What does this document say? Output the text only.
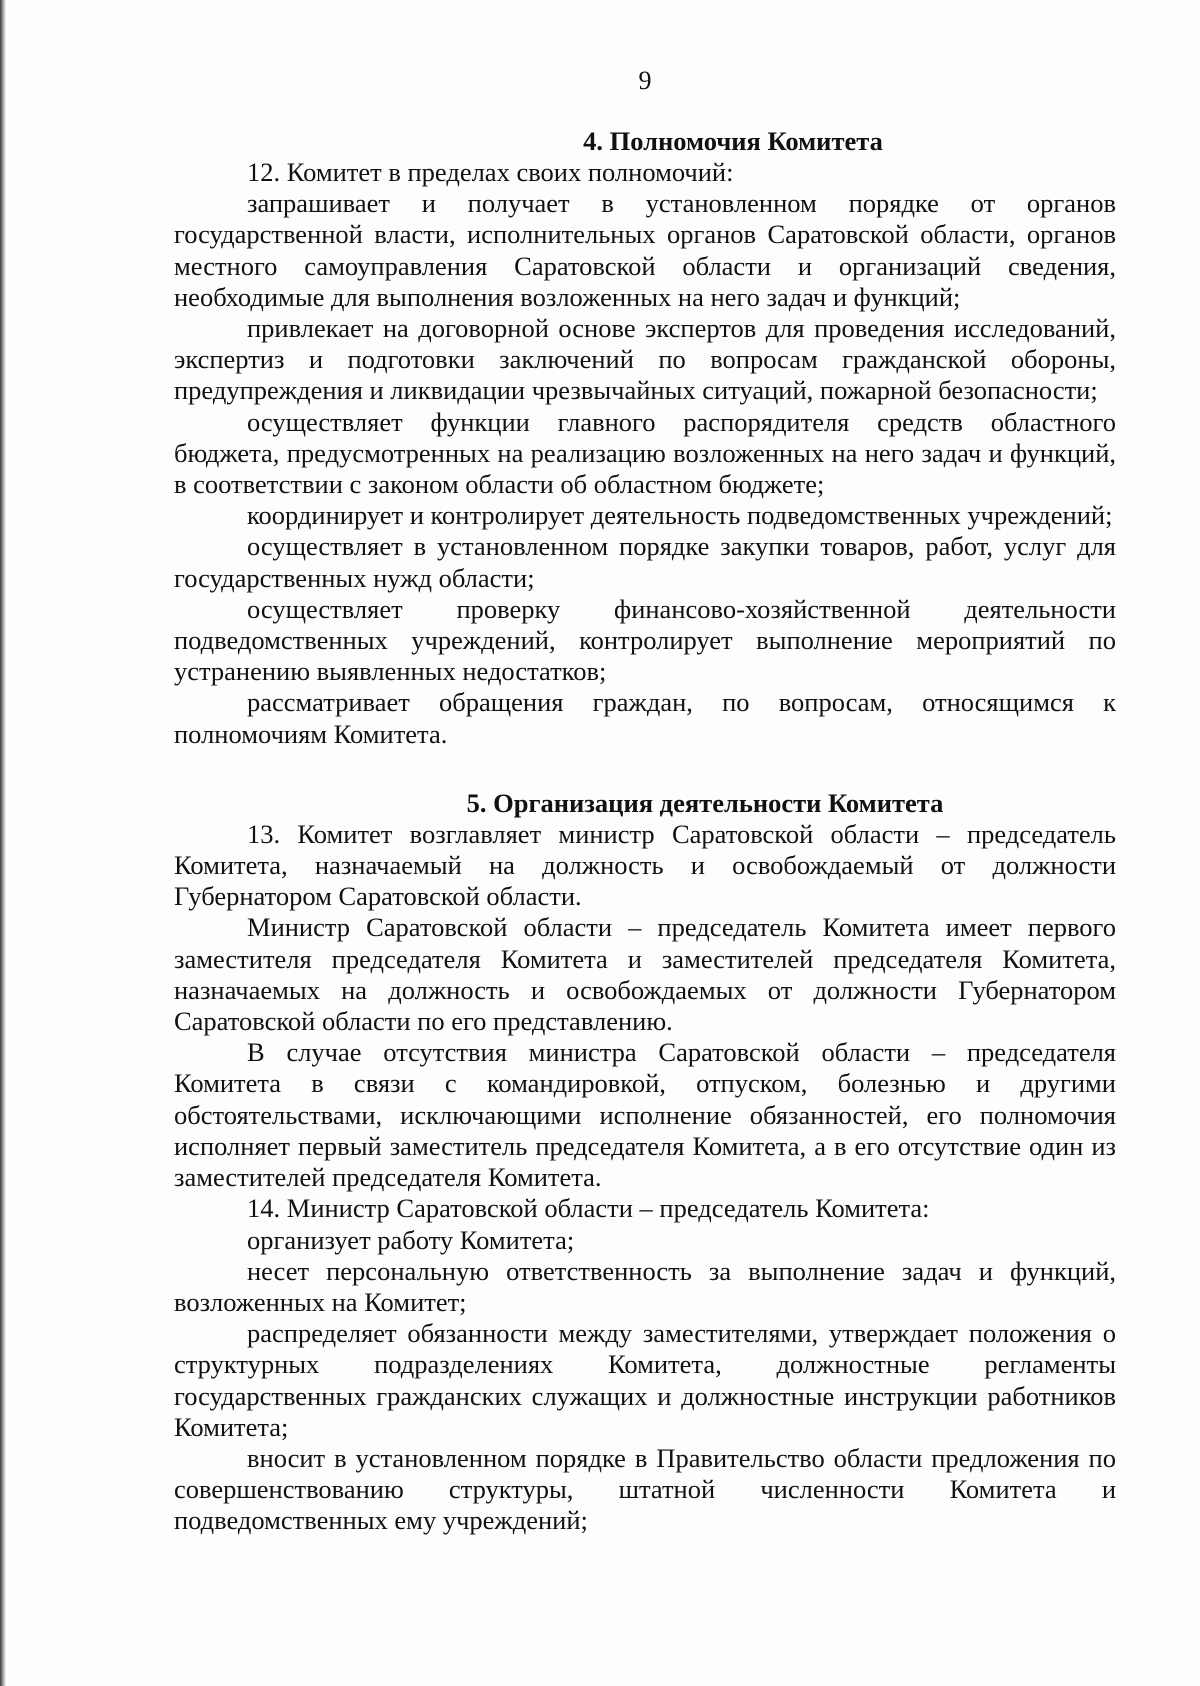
9
4. Полномочия Комитета

12. Комитет в пределах своих полномочий:

запрашивает и получает в установленном порядке от органов государственной власти, исполнительных органов Саратовской области, органов местного самоуправления Саратовской области и организаций сведения, необходимые для выполнения возложенных на него задач и функций;

привлекает на договорной основе экспертов для проведения исследований, экспертиз и подготовки заключений по вопросам гражданской обороны, предупреждения и ликвидации чрезвычайных ситуаций, пожарной безопасности;

осуществляет функции главного распорядителя средств областного бюджета, предусмотренных на реализацию возложенных на него задач и функций, в соответствии с законом области об областном бюджете;

координирует и контролирует деятельность подведомственных учреждений;

осуществляет в установленном порядке закупки товаров, работ, услуг для государственных нужд области;

осуществляет проверку финансово-хозяйственной деятельности подведомственных учреждений, контролирует выполнение мероприятий по устранению выявленных недостатков;

рассматривает обращения граждан, по вопросам, относящимся к полномочиям Комитета.

5. Организация деятельности Комитета

13. Комитет возглавляет министр Саратовской области – председатель Комитета, назначаемый на должность и освобождаемый от должности Губернатором Саратовской области.

Министр Саратовской области – председатель Комитета имеет первого заместителя председателя Комитета и заместителей председателя Комитета, назначаемых на должность и освобождаемых от должности Губернатором Саратовской области по его представлению.

В случае отсутствия министра Саратовской области – председателя Комитета в связи с командировкой, отпуском, болезнью и другими обстоятельствами, исключающими исполнение обязанностей, его полномочия исполняет первый заместитель председателя Комитета, а в его отсутствие один из заместителей председателя Комитета.

14. Министр Саратовской области – председатель Комитета:

организует работу Комитета;

несет персональную ответственность за выполнение задач и функций, возложенных на Комитет;

распределяет обязанности между заместителями, утверждает положения о структурных подразделениях Комитета, должностные регламенты государственных гражданских служащих и должностные инструкции работников Комитета;

вносит в установленном порядке в Правительство области предложения по совершенствованию структуры, штатной численности Комитета и подведомственных ему учреждений;
